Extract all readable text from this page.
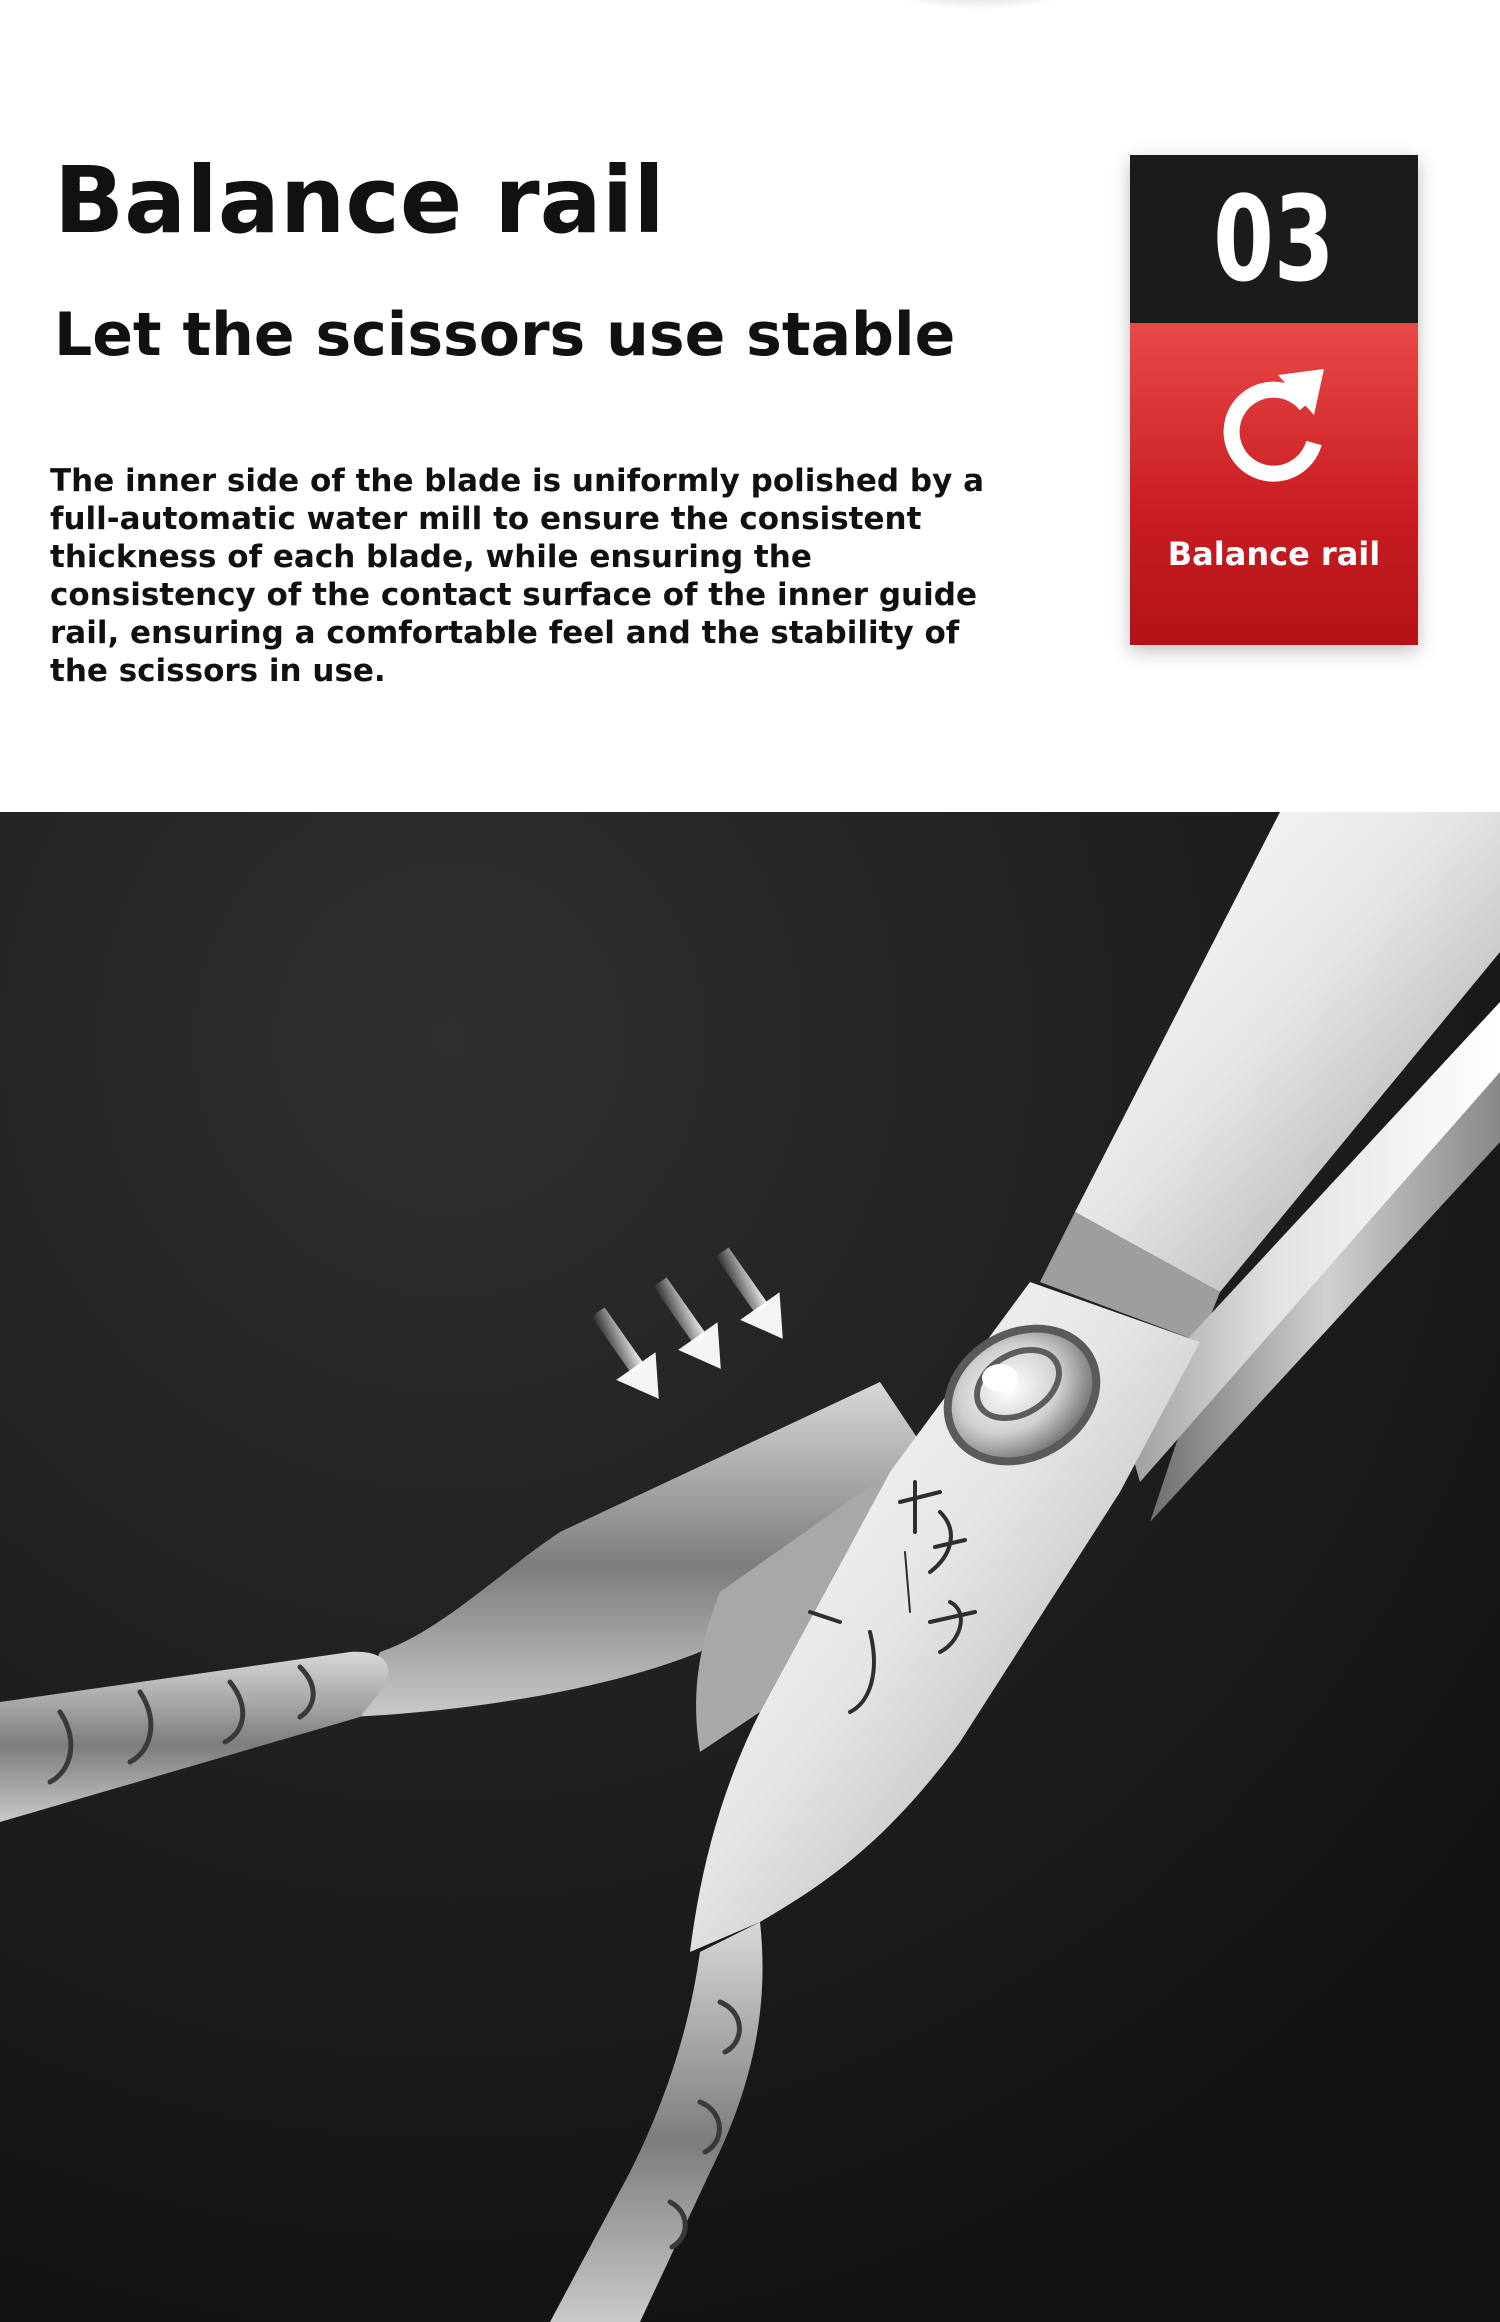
Balance rail
Let the scissors use stable

The inner side of the blade is uniformly polished by a full-automatic water mill to ensure the consistent thickness of each blade, while ensuring the consistency of the contact surface of the inner guide rail, ensuring a comfortable feel and the stability of the scissors in use.

03
Balance rail
